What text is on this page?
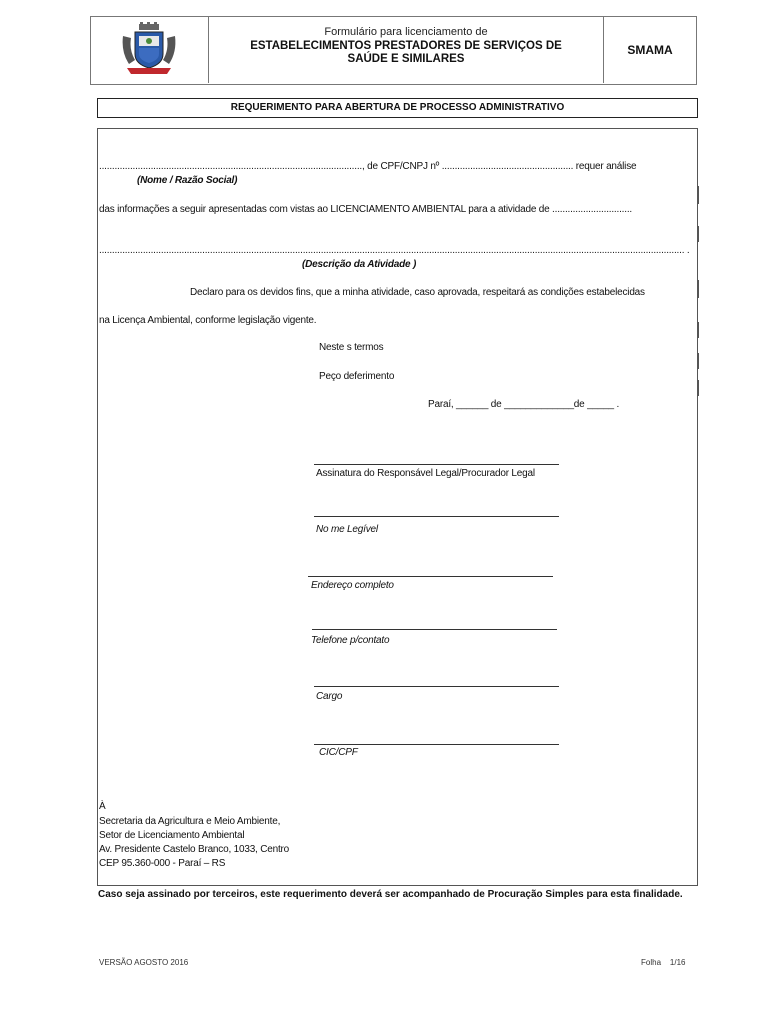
Formulário para licenciamento de
ESTABELECIMENTOS PRESTADORES DE SERVIÇOS DE
SAÚDE E SIMILARES
SMAMA
REQUERIMENTO PARA ABERTURA DE PROCESSO ADMINISTRATIVO
......................................................................................................, de CPF/CNPJ nº ................................................... requer análise
(Nome / Razão Social)
das informações a seguir apresentadas com vistas ao LICENCIAMENTO AMBIENTAL para a atividade de ...............................
................................................................................................................................................................................................................................... .
(Descrição da Atividade )
Declaro para os devidos fins, que a minha atividade, caso aprovada, respeitará as condições estabelecidas
na Licença Ambiental, conforme legislação vigente.
Neste s termos
Peço deferimento
Paraí, ______ de _____________de _____ .
Assinatura do Responsável Legal/Procurador Legal
No me Legível
Endereço completo
Telefone p/contato
Cargo
CIC/CPF
À
Secretaria da Agricultura e Meio Ambiente,
Setor de Licenciamento Ambiental
Av. Presidente Castelo Branco, 1033, Centro
CEP 95.360-000 - Paraí – RS
Caso seja assinado por terceiros, este requerimento deverá ser acompanhado de Procuração Simples para esta finalidade.
VERSÃO AGOSTO 2016	Folha    1/16
